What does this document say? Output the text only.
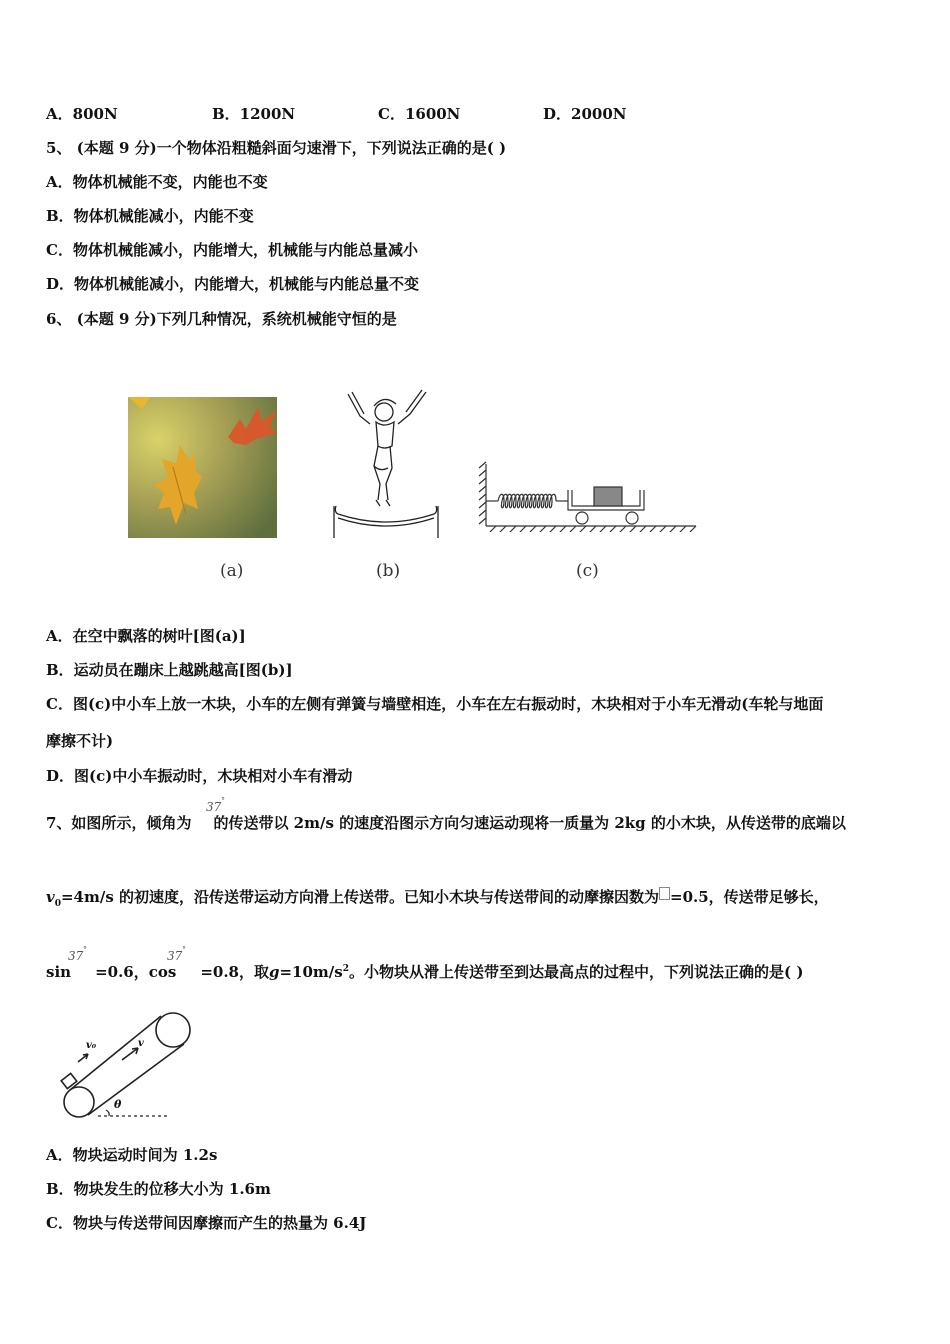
A．800N	B．1200N	C．1600N	D．2000N
5、 (本题 9 分)一个物体沿粗糙斜面匀速滑下，下列说法正确的是( )
A．物体机械能不变，内能也不变
B．物体机械能减小，内能不变
C．物体机械能减小，内能增大，机械能与内能总量减小
D．物体机械能减小，内能增大，机械能与内能总量不变
6、 (本题 9 分)下列几种情况，系统机械能守恒的是
(a)	(b)	(c)
A．在空中飘落的树叶[图(a)]
B．运动员在蹦床上越跳越高[图(b)]
C．图(c)中小车上放一木块，小车的左侧有弹簧与墙壁相连，小车在左右振动时，木块相对于小车无滑动(车轮与地面
摩擦不计)
D．图(c)中小车振动时，木块相对小车有滑动
7、如图所示，倾角为 的传送带以 2m/s 的速度沿图示方向匀速运动现将一质量为 2kg 的小木块，从传送带的底端以
37 °
$v_0=4m/s$ 的初速度，沿传送带运动方向滑上传送带。已知小木块与传送带间的动摩擦因数为 =0.5，传送带足够长，
sin =0.6，cos =0.8，取$g=10m/s^2$。小物块从滑上传送带至到达最高点的过程中，下列说法正确的是( )
37 °	37 °
v₀	v
θ
A．物块运动时间为 1.2s
B．物块发生的位移大小为 1.6m
C．物块与传送带间因摩擦而产生的热量为 6.4J
